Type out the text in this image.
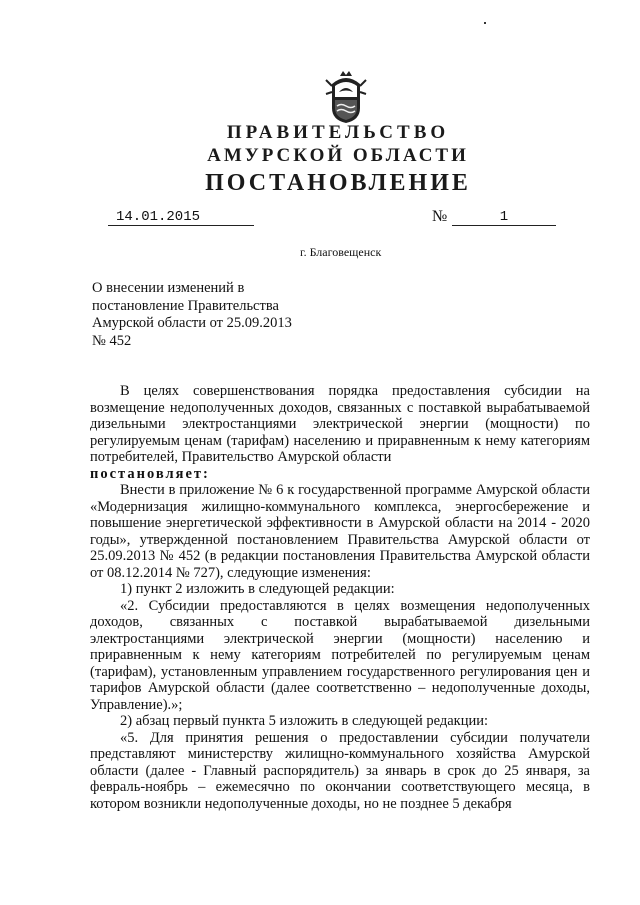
ПРАВИТЕЛЬСТВО
АМУРСКОЙ ОБЛАСТИ
ПОСТАНОВЛЕНИЕ
14.01.2015	№	1
г. Благовещенск
О внесении изменений в
постановление Правительства
Амурской области от 25.09.2013
№ 452

В целях совершенствования порядка предоставления субсидии на возмещение недополученных доходов, связанных с поставкой вырабатываемой дизельными электростанциями электрической энергии (мощности) по регулируемым ценам (тарифам) населению и приравненным к нему категориям потребителей, Правительство Амурской области

постановляет:

Внести в приложение № 6 к государственной программе Амурской области «Модернизация жилищно-коммунального комплекса, энергосбережение и повышение энергетической эффективности в Амурской области на 2014 - 2020 годы», утвержденной постановлением Правительства Амурской области от 25.09.2013 № 452 (в редакции постановления Правительства Амурской области от 08.12.2014 № 727), следующие изменения:

1) пункт 2 изложить в следующей редакции:

«2. Субсидии предоставляются в целях возмещения недополученных доходов, связанных с поставкой вырабатываемой дизельными электростанциями электрической энергии (мощности) населению и приравненным к нему категориям потребителей по регулируемым ценам (тарифам), установленным управлением государственного регулирования цен и тарифов Амурской области (далее соответственно – недополученные доходы, Управление).»;

2) абзац первый пункта 5 изложить в следующей редакции:

«5. Для принятия решения о предоставлении субсидии получатели представляют министерству жилищно-коммунального хозяйства Амурской области (далее - Главный распорядитель) за январь в срок до 25 января, за февраль-ноябрь – ежемесячно по окончании соответствующего месяца, в котором возникли недополученные доходы, но не позднее 5 декабря
